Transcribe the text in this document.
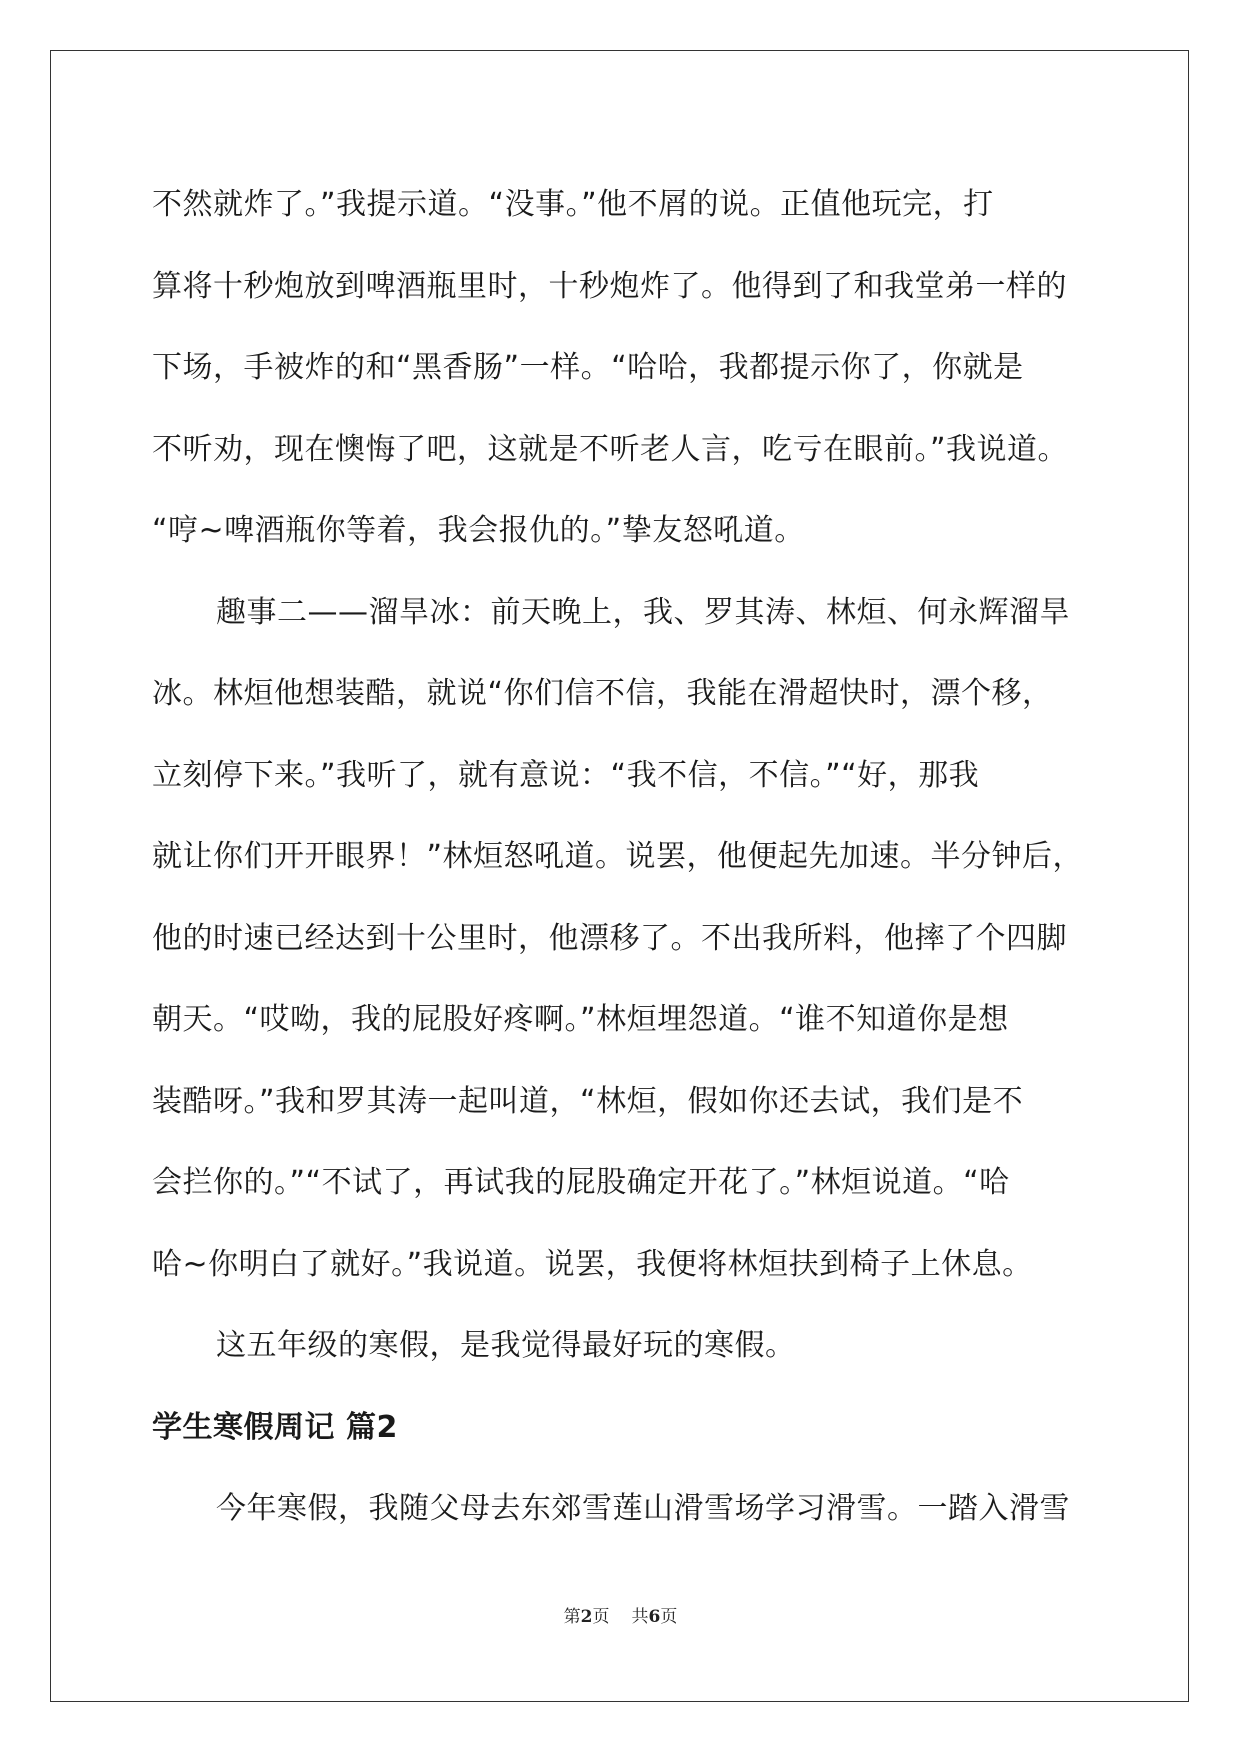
不然就炸了。”我提示道。“没事。”他不屑的说。正值他玩完，打
算将十秒炮放到啤酒瓶里时，十秒炮炸了。他得到了和我堂弟一样的
下场，手被炸的和“黑香肠”一样。“哈哈，我都提示你了，你就是
不听劝，现在懊悔了吧，这就是不听老人言，吃亏在眼前。”我说道。
“哼~啤酒瓶你等着，我会报仇的。”挚友怒吼道。

趣事二——溜旱冰：前天晚上，我、罗其涛、林烜、何永辉溜旱
冰。林烜他想装酷，就说“你们信不信，我能在滑超快时，漂个移，
立刻停下来。”我听了，就有意说：“我不信，不信。”“好，那我
就让你们开开眼界！”林烜怒吼道。说罢，他便起先加速。半分钟后，
他的时速已经达到十公里时，他漂移了。不出我所料，他摔了个四脚
朝天。“哎呦，我的屁股好疼啊。”林烜埋怨道。“谁不知道你是想
装酷呀。”我和罗其涛一起叫道，“林烜，假如你还去试，我们是不
会拦你的。”“不试了，再试我的屁股确定开花了。”林烜说道。“哈
哈~你明白了就好。”我说道。说罢，我便将林烜扶到椅子上休息。

这五年级的寒假，是我觉得最好玩的寒假。

学生寒假周记 篇2

今年寒假，我随父母去东郊雪莲山滑雪场学习滑雪。一踏入滑雪

第2页 共6页
